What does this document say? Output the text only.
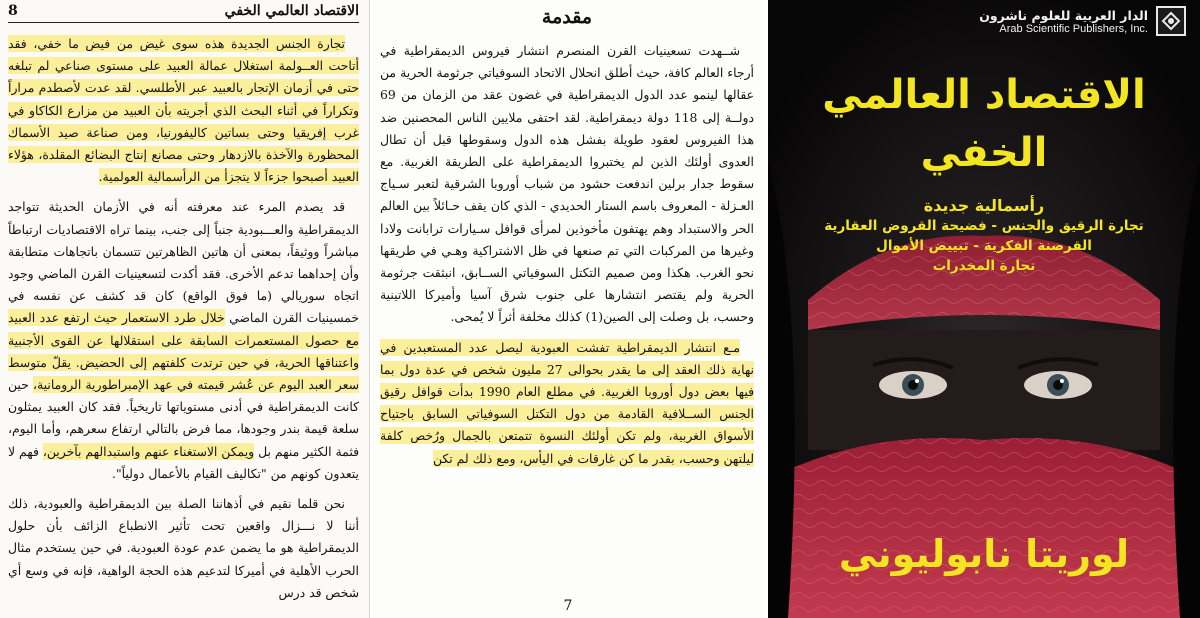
8	الاقتصاد العالمي الخفي

تجارة الجنس الجديدة هذه سوى غيض من فيض ما خفي، فقد أتاحت العــولمة استغلال عمالة العبيد على مستوى صناعي لم تبلغه حتى في أزمان الإتجار بالعبيد عبر الأطلسي. لقد عدت لأصطدم مراراً وتكراراً في أثناء البحث الذي أجريته بأن العبيد من مزارع الكاكاو في غرب إفريقيا وحتى بساتين كاليفورنيا، ومن صناعة صيد الأسماك المحظورة والآخذة بالازدهار وحتى مصانع إنتاج البضائع المقلدة، هؤلاء العبيد أصبحوا جزءاً لا يتجزأ من الرأسمالية العولمية.

قد يصدم المرء عند معرفته أنه في الأزمان الحديثة تتواجد الديمقراطية والعـــبودية جنباً إلى جنب، بينما تراه الاقتصاديات ارتباطاً مباشراً ووثيقاً، بمعنى أن هاتين الظاهرتين تتسمان باتجاهات متطابقة وأن إحداهما تدعم الأخرى. فقد أكدت لتسعينيات القرن الماضي وجود اتجاه سوريالي (ما فوق الواقع) كان قد كشف عن نفسه في خمسينيات القرن الماضي خلال طرد الاستعمار حيث ارتفع عدد العبيد مع حصول المستعمرات السابقة على استقلالها عن القوى الأجنبية واعتناقها الحرية، في حين ترتدت كلفتهم إلى الحضيض. يقلّ متوسط سعر العبد اليوم عن عُشر قيمته في عهد الإمبراطورية الرومانية، حين كانت الديمقراطية في أدنى مستوياتها تاريخياً. فقد كان العبيد يمثلون سلعة قيمة بندر وجودها، مما فرض بالتالي ارتفاع سعرهم، وأما اليوم، فثمة الكثير منهم بل ويمكن الاستغناء عنهم واستبدالهم بآخرين، فهم لا يتعدون كونهم من "تكاليف القيام بالأعمال دولياً".

نحن قلما نقيم في أذهاننا الصلة بين الديمقراطية والعبودية، ذلك أننا لا نـــزال واقعين تحت تأثير الانطباع الزائف بأن حلول الديمقراطية هو ما يضمن عدم عودة العبودية. في حين يستخدم مثال الحرب الأهلية في أميركا لتدعيم هذه الحجة الواهية، فإنه في وسع أي شخص قد درس

مقدمة

شــهدت تسعينيات القرن المنصرم انتشار فيروس الديمقراطية في أرجاء العالم كافة، حيث أطلق انحلال الاتحاد السوفياتي جرثومة الحرية من عقالها لينمو عدد الدول الديمقراطية في غضون عقد من الزمان من 69 دولــة إلى 118 دولة ديمقراطية. لقد احتفى ملايين الناس المحصنين ضد هذا الفيروس لعقود طويلة بفشل هذه الدول وسقوطها قبل أن تطال العدوى أولئك الذين لم يختبروا الديمقراطية على الطريقة الغربية. مع سقوط جدار برلين اندفعت حشود من شباب أوروبا الشرقية لتعبر سـياج العـزلة - المعروف باسم الستار الحديدي - الذي كان يقف حـائلاً بين العالم الحر والاستبداد وهم يهتفون مأخوذين لمرأى قوافل سـيارات ترابانت ولادا وغيرها من المركبات التي تم صنعها في ظل الاشتراكية وهـي في طريقها نحو الغرب. هكذا ومن صميم التكتل السوفياتي الســابق، انبثقت جرثومة الحرية ولم يقتصر انتشارها على جنوب شرق آسيا وأميركا اللاتينية وحسب، بل وصلت إلى الصين(1) كذلك مخلفة أثراً لا يُمحى.

مـع انتشار الديمقراطية تفشت العبودية ليصل عدد المستعبدين في نهاية ذلك العقد إلى ما يقدر بحوالى 27 مليون شخص في عدة دول بما فيها بعض دول أوروبا الغربية. في مطلع العام 1990 بدأت قوافل رقيق الجنس الســلافية القادمة من دول التكتل السوفياتي السابق باجتياح الأسواق الغربية، ولم تكن أولئك النسوة تتمتعن بالجمال ورُخص كلفة ليلتهن وحسب، بقدر ما كن غارقات في اليأس، ومع ذلك لم تكن

7
الدار العربية للعلوم ناشرون
Arab Scientific Publishers, Inc.
الاقتصاد العالمي
الخفي
رأسمالية جديدة
تجارة الرقيق والجنس - فضيحة القروض العقارية
القرصنة الفكرية - تبييض الأموال
تجارة المخدرات
لوريتا نابوليوني
